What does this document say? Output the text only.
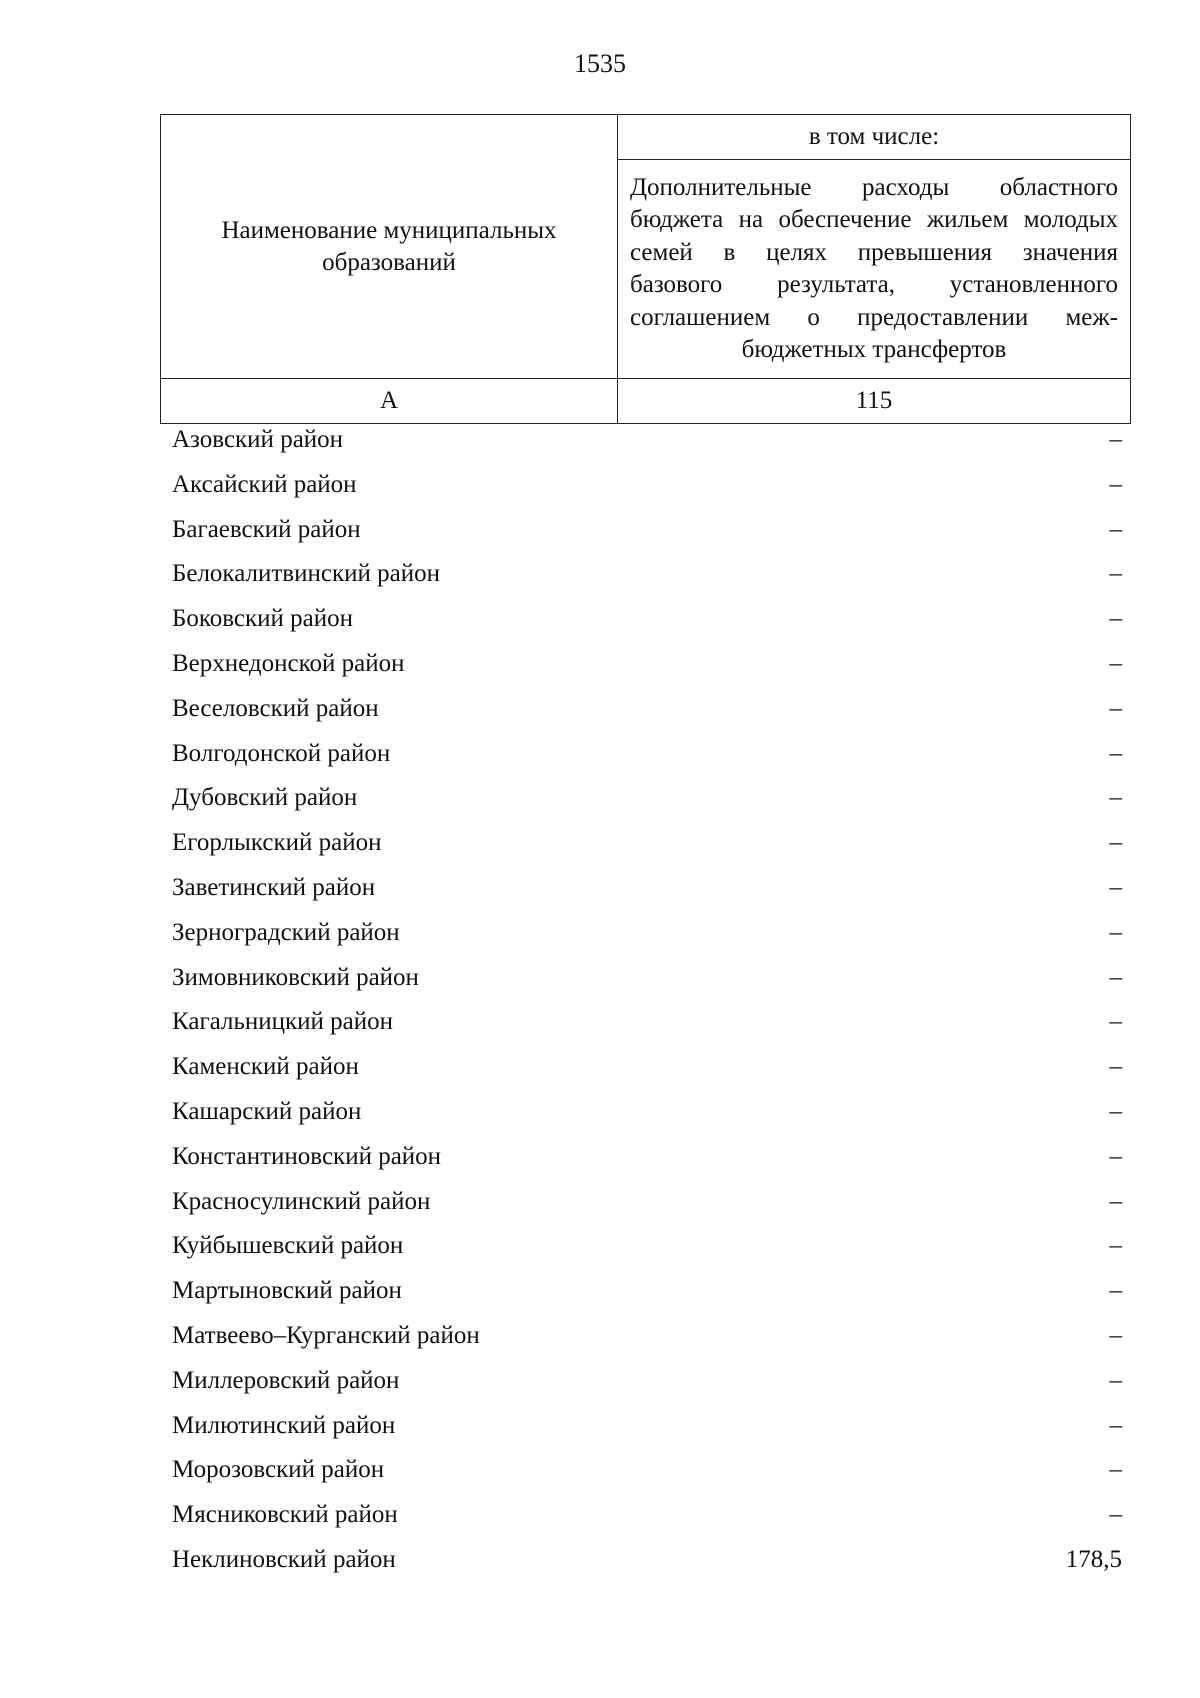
1535
Наименование муниципальных образований	в том числе:
	Дополнительные расходы областного бюджета на обеспечение жильем молодых семей в целях превышения значения базового результата, установленного соглашением о предоставлении межбюджетных трансфертов
А	115
Азовский район	–
Аксайский район	–
Багаевский район	–
Белокалитвинский район	–
Боковский район	–
Верхнедонской район	–
Веселовский район	–
Волгодонской район	–
Дубовский район	–
Егорлыкский район	–
Заветинский район	–
Зерноградский район	–
Зимовниковский район	–
Кагальницкий район	–
Каменский район	–
Кашарский район	–
Константиновский район	–
Красносулинский район	–
Куйбышевский район	–
Мартыновский район	–
Матвеево–Курганский район	–
Миллеровский район	–
Милютинский район	–
Морозовский район	–
Мясниковский район	–
Неклиновский район	178,5
